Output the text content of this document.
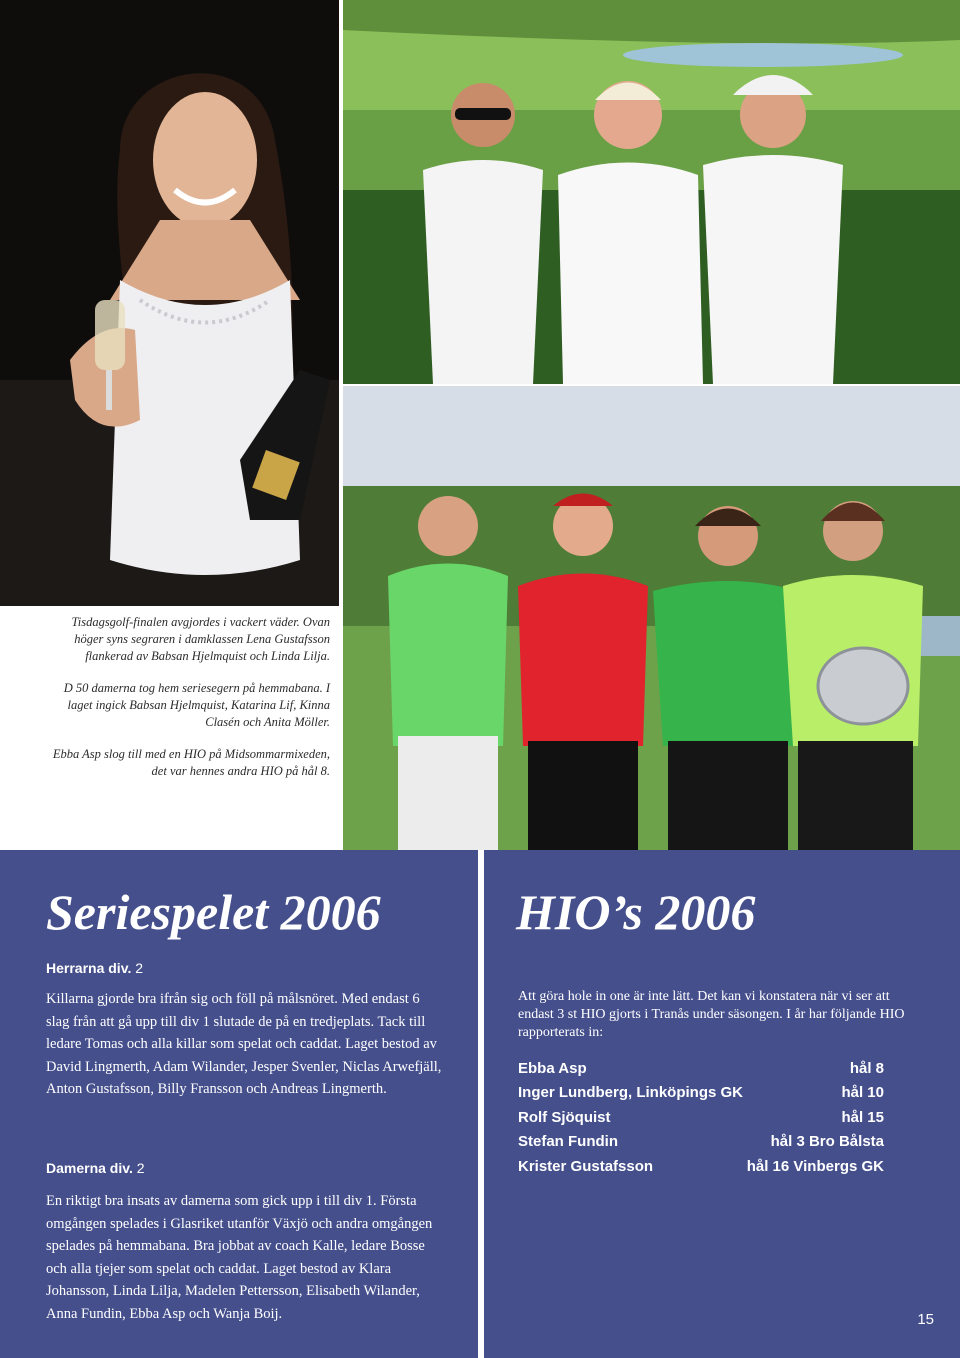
Tisdagsgolf-finalen avgjordes i vackert väder. Ovan höger syns segraren i damklassen Lena Gustafsson flankerad av Babsan Hjelmquist och Linda Lilja.

D 50 damerna tog hem seriesegern på hemmabana. I laget ingick Babsan Hjelmquist, Katarina Lif, Kinna Clasén och Anita Möller.

Ebba Asp slog till med en HIO på Midsommarmixeden, det var hennes andra HIO på hål 8.

Seriespelet 2006
Herrarna div. 2

Killarna gjorde bra ifrån sig och föll på målsnöret. Med endast 6 slag från att gå upp till div 1 slutade de på en tredjeplats. Tack till ledare Tomas och alla killar som spelat och caddat. Laget bestod av David Lingmerth, Adam Wilander, Jesper Svenler, Niclas Arwefjäll, Anton Gustafsson, Billy Fransson och Andreas Lingmerth.

Damerna div. 2

En riktigt bra insats av damerna som gick upp i till div 1. Första omgången spelades i Glasriket utanför Växjö och andra omgången spelades på hemmabana. Bra jobbat av coach Kalle, ledare Bosse och alla tjejer som spelat och caddat. Laget bestod av Klara Johansson, Linda Lilja, Madelen Pettersson, Elisabeth Wilander, Anna Fundin, Ebba Asp och Wanja Boij.

HIO’s 2006

Att göra hole in one är inte lätt. Det kan vi konstatera när vi ser att endast 3 st HIO gjorts i Tranås under säsongen. I år har följande HIO rapporterats in:

Ebba Asp	hål 8
Inger Lundberg, Linköpings GK	hål 10
Rolf Sjöquist	hål 15
Stefan Fundin	hål 3 Bro Bålsta
Krister Gustafsson	hål 16 Vinbergs GK
15
